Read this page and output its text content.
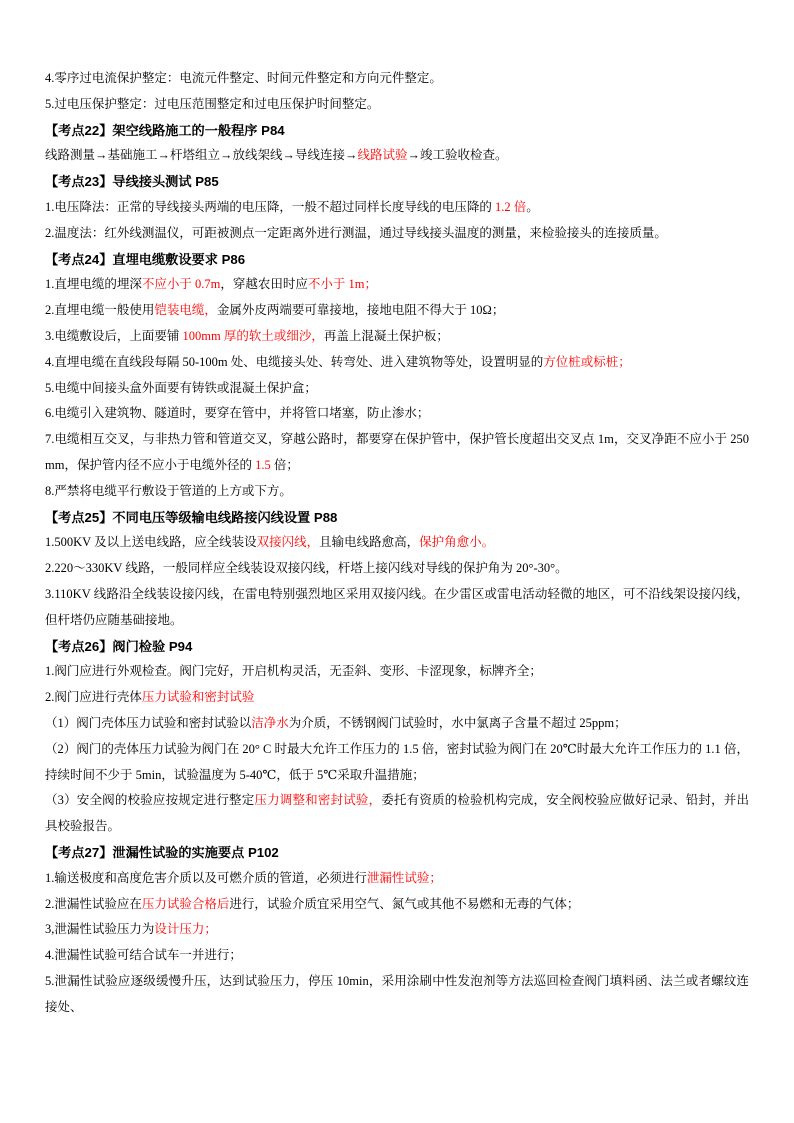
4.零序过电流保护整定：电流元件整定、时间元件整定和方向元件整定。

5.过电压保护整定：过电压范围整定和过电压保护时间整定。

【考点22】架空线路施工的一般程序 P84

线路测量→基础施工→杆塔组立→放线架线→导线连接→线路试验→竣工验收检查。

【考点23】导线接头测试 P85

1.电压降法：正常的导线接头两端的电压降，一般不超过同样长度导线的电压降的 1.2 倍。

2.温度法：红外线测温仪，可距被测点一定距离外进行测温，通过导线接头温度的测量，来检验接头的连接质量。

【考点24】直埋电缆敷设要求 P86

1.直埋电缆的埋深不应小于 0.7m，穿越农田时应不小于 1m；

2.直埋电缆一般使用铠装电缆，金属外皮两端要可靠接地，接地电阻不得大于 10Ω；

3.电缆敷设后，上面要铺 100mm 厚的软土或细沙，再盖上混凝土保护板；

4.直埋电缆在直线段每隔 50-100m 处、电缆接头处、转弯处、进入建筑物等处，设置明显的方位桩或标桩；

5.电缆中间接头盒外面要有铸铁或混凝土保护盒；

6.电缆引入建筑物、隧道时，要穿在管中，并将管口堵塞，防止渗水；

7.电缆相互交叉，与非热力管和管道交叉，穿越公路时，都要穿在保护管中，保护管长度超出交叉点 1m，交叉净距不应小于 250mm，保护管内径不应小于电缆外径的 1.5 倍；

8.严禁将电缆平行敷设于管道的上方或下方。

【考点25】不同电压等级输电线路接闪线设置 P88

1.500KV 及以上送电线路，应全线装设双接闪线，且输电线路愈高，保护角愈小。

2.220～330KV 线路，一般同样应全线装设双接闪线，杆塔上接闪线对导线的保护角为 20°-30°。

3.110KV 线路沿全线装设接闪线，在雷电特别强烈地区采用双接闪线。在少雷区或雷电活动轻微的地区，可不沿线架设接闪线，但杆塔仍应随基础接地。

【考点26】阀门检验 P94

1.阀门应进行外观检查。阀门完好，开启机构灵活，无歪斜、变形、卡涩现象，标牌齐全；

2.阀门应进行壳体压力试验和密封试验

（1）阀门壳体压力试验和密封试验以洁净水为介质，不锈钢阀门试验时，水中氯离子含量不超过 25ppm；

（2）阀门的壳体压力试验为阀门在 20° C 时最大允许工作压力的 1.5 倍，密封试验为阀门在 20℃时最大允许工作压力的 1.1 倍，持续时间不少于 5min，试验温度为 5-40℃，低于 5℃采取升温措施；

（3）安全阀的校验应按规定进行整定压力调整和密封试验，委托有资质的检验机构完成，安全阀校验应做好记录、铅封，并出具校验报告。

【考点27】泄漏性试验的实施要点 P102

1.输送极度和高度危害介质以及可燃介质的管道，必须进行泄漏性试验；

2.泄漏性试验应在压力试验合格后进行，试验介质宜采用空气、氮气或其他不易燃和无毒的气体；

3,泄漏性试验压力为设计压力；

4.泄漏性试验可结合试车一并进行；

5.泄漏性试验应逐级缓慢升压，达到试验压力，停压 10min，采用涂刷中性发泡剂等方法巡回检查阀门填料函、法兰或者螺纹连接处、
